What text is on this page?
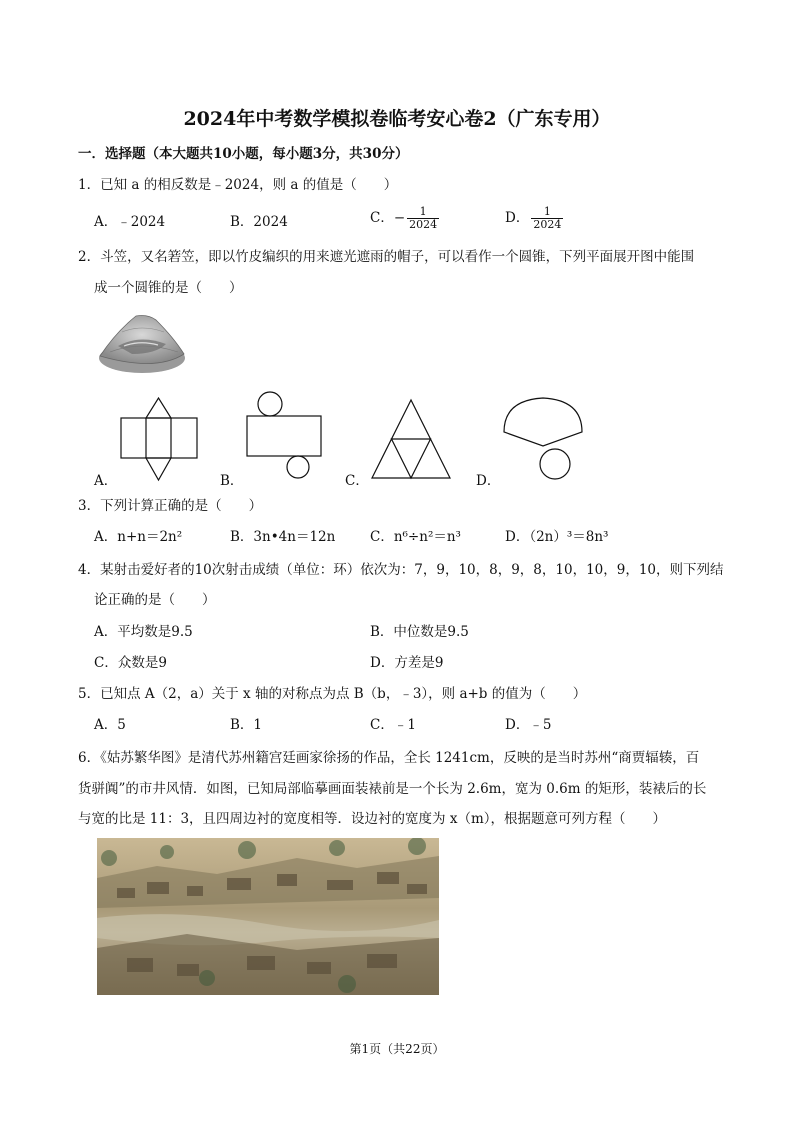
2024年中考数学模拟卷临考安心卷2（广东专用）
一．选择题（本大题共10小题，每小题3分，共30分）
1．已知 a 的相反数是﹣2024，则 a 的值是（　　）
A．﹣2024	B．2024	C．− $\frac{1}{2024}$	D． $\frac{1}{2024}$
2．斗笠，又名箬笠，即以竹皮编织的用来遮光遮雨的帽子，可以看作一个圆锥，下列平面展开图中能围
成一个圆锥的是（　　）
A．	B．	C．	D．
3．下列计算正确的是（　　）
A．n+n＝2n²	B．3n•4n＝12n	C．n⁶÷n²＝n³	D．（2n）³＝8n³
4．某射击爱好者的10次射击成绩（单位：环）依次为：7，9，10，8，9，8，10，10，9，10，则下列结
论正确的是（　　）
A．平均数是9.5	B．中位数是9.5
C．众数是9	D．方差是9
5．已知点 A（2，a）关于 x 轴的对称点为点 B（b，﹣3），则 a+b 的值为（　　）
A．5	B．1	C．﹣1	D．﹣5
6．《姑苏繁华图》是清代苏州籍宫廷画家徐扬的作品，全长 1241cm，反映的是当时苏州“商贾辐辏，百
货骈阗”的市井风情．如图，已知局部临摹画面装裱前是一个长为 2.6m，宽为 0.6m 的矩形，装裱后的长
与宽的比是 11：3，且四周边衬的宽度相等．设边衬的宽度为 x（m），根据题意可列方程（　　）
第1页（共22页）
